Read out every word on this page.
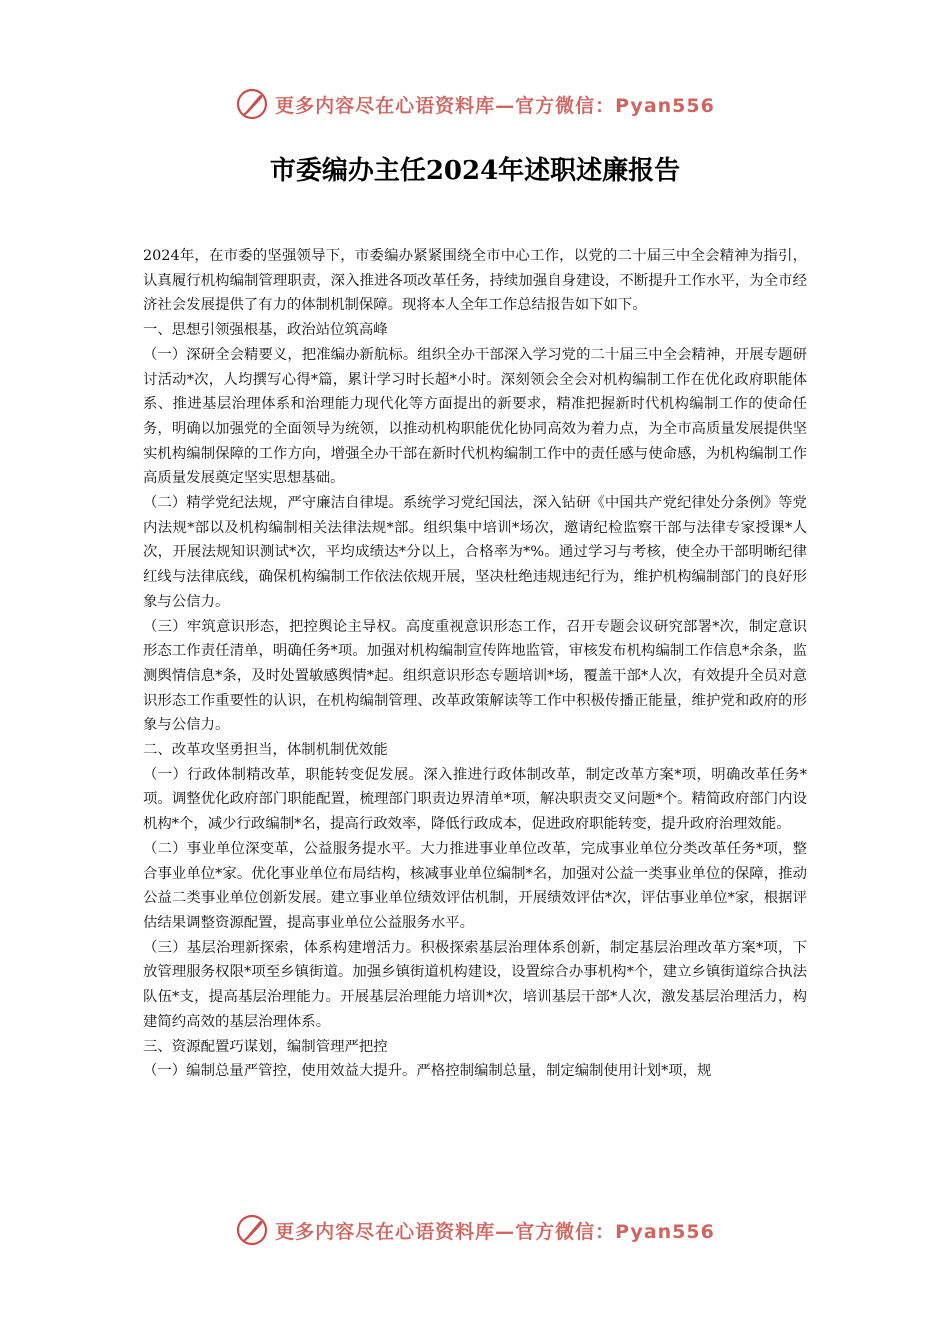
更多内容尽在心语资料库—官方微信：Pyan556
市委编办主任2024年述职述廉报告

2024年，在市委的坚强领导下，市委编办紧紧围绕全市中心工作，以党的二十届三中全会精神为指引，认真履行机构编制管理职责，深入推进各项改革任务，持续加强自身建设，不断提升工作水平，为全市经济社会发展提供了有力的体制机制保障。现将本人全年工作总结报告如下如下。

一、思想引领强根基，政治站位筑高峰

（一）深研全会精要义，把准编办新航标。组织全办干部深入学习党的二十届三中全会精神，开展专题研讨活动*次，人均撰写心得*篇，累计学习时长超*小时。深刻领会全会对机构编制工作在优化政府职能体系、推进基层治理体系和治理能力现代化等方面提出的新要求，精准把握新时代机构编制工作的使命任务，明确以加强党的全面领导为统领，以推动机构职能优化协同高效为着力点，为全市高质量发展提供坚实机构编制保障的工作方向，增强全办干部在新时代机构编制工作中的责任感与使命感，为机构编制工作高质量发展奠定坚实思想基础。

（二）精学党纪法规，严守廉洁自律堤。系统学习党纪国法，深入钻研《中国共产党纪律处分条例》等党内法规*部以及机构编制相关法律法规*部。组织集中培训*场次，邀请纪检监察干部与法律专家授课*人次，开展法规知识测试*次，平均成绩达*分以上，合格率为*%。通过学习与考核，使全办干部明晰纪律红线与法律底线，确保机构编制工作依法依规开展，坚决杜绝违规违纪行为，维护机构编制部门的良好形象与公信力。

（三）牢筑意识形态，把控舆论主导权。高度重视意识形态工作，召开专题会议研究部署*次，制定意识形态工作责任清单，明确任务*项。加强对机构编制宣传阵地监管，审核发布机构编制工作信息*余条，监测舆情信息*条，及时处置敏感舆情*起。组织意识形态专题培训*场，覆盖干部*人次，有效提升全员对意识形态工作重要性的认识，在机构编制管理、改革政策解读等工作中积极传播正能量，维护党和政府的形象与公信力。

二、改革攻坚勇担当，体制机制优效能

（一）行政体制精改革，职能转变促发展。深入推进行政体制改革，制定改革方案*项，明确改革任务*项。调整优化政府部门职能配置，梳理部门职责边界清单*项，解决职责交叉问题*个。精简政府部门内设机构*个，减少行政编制*名，提高行政效率，降低行政成本，促进政府职能转变，提升政府治理效能。

（二）事业单位深变革，公益服务提水平。大力推进事业单位改革，完成事业单位分类改革任务*项，整合事业单位*家。优化事业单位布局结构，核减事业单位编制*名，加强对公益一类事业单位的保障，推动公益二类事业单位创新发展。建立事业单位绩效评估机制，开展绩效评估*次，评估事业单位*家，根据评估结果调整资源配置，提高事业单位公益服务水平。

（三）基层治理新探索，体系构建增活力。积极探索基层治理体系创新，制定基层治理改革方案*项，下放管理服务权限*项至乡镇街道。加强乡镇街道机构建设，设置综合办事机构*个，建立乡镇街道综合执法队伍*支，提高基层治理能力。开展基层治理能力培训*次，培训基层干部*人次，激发基层治理活力，构建简约高效的基层治理体系。

三、资源配置巧谋划，编制管理严把控

（一）编制总量严管控，使用效益大提升。严格控制编制总量，制定编制使用计划*项，规

更多内容尽在心语资料库—官方微信：Pyan556
